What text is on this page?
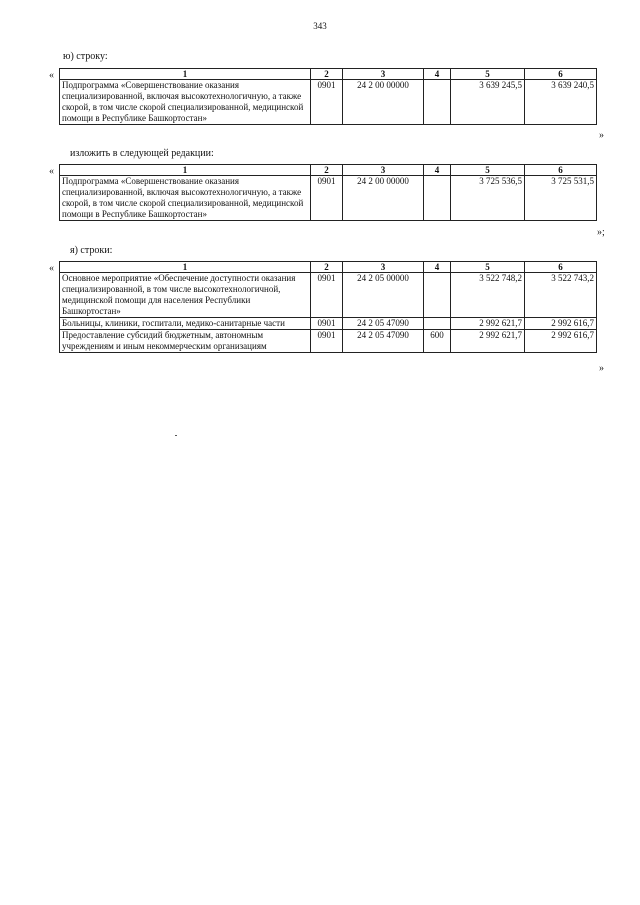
343
ю) строку:
«	1	2	3	4	5	6
Подпрограмма «Совершенствование оказания специализированной, включая высокотехнологичную, а также скорой, в том числе скорой специализированной, медицинской помощи в Республике Башкортостан»	0901	24 2 00 00000		3 639 245,5	3 639 240,5
»
изложить в следующей редакции:
«	1	2	3	4	5	6
Подпрограмма «Совершенствование оказания специализированной, включая высокотехнологичную, а также скорой, в том числе скорой специализированной, медицинской помощи в Республике Башкортостан»	0901	24 2 00 00000		3 725 536,5	3 725 531,5
»;
я) строки:
«	1	2	3	4	5	6
Основное мероприятие «Обеспечение доступности оказания специализированной, в том числе высокотехнологичной, медицинской помощи для населения Республики Башкортостан»	0901	24 2 05 00000		3 522 748,2	3 522 743,2
Больницы, клиники, госпитали, медико-санитарные части	0901	24 2 05 47090		2 992 621,7	2 992 616,7
Предоставление субсидий бюджетным, автономным учреждениям и иным некоммерческим организациям	0901	24 2 05 47090	600	2 992 621,7	2 992 616,7
»
